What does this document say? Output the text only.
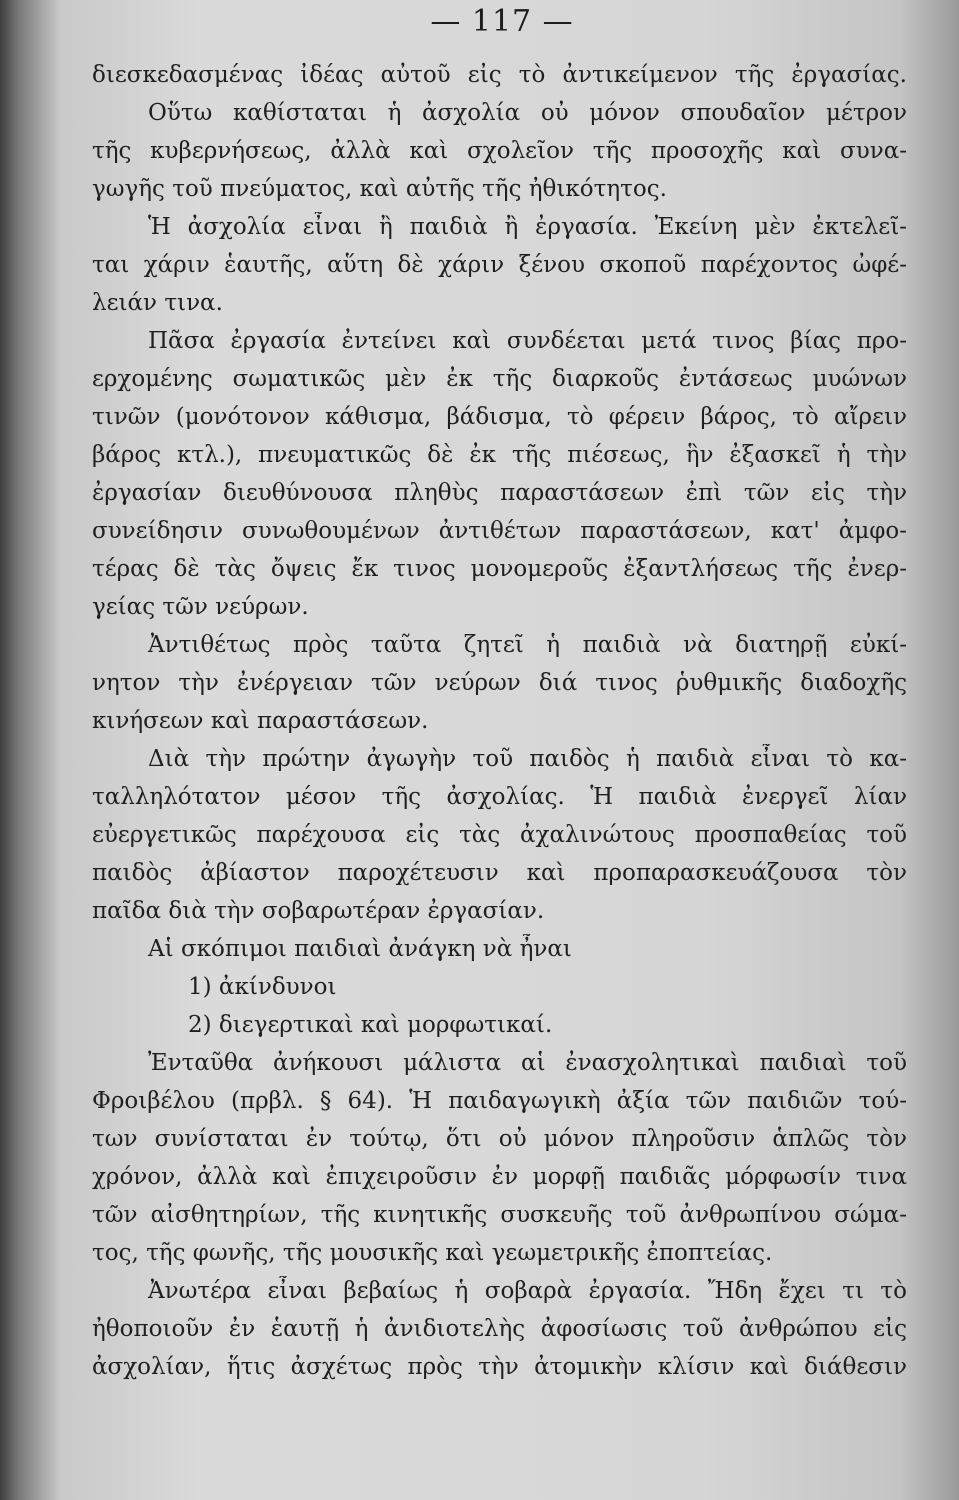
— 117 —
διεσκεδασμένας ἰδέας αὐτοῦ εἰς τὸ ἀντικείμενον τῆς ἐργασίας.
Οὕτω καθίσταται ἡ ἀσχολία οὐ μόνον σπουδαῖον μέτρον
τῆς κυβερνήσεως, ἀλλὰ καὶ σχολεῖον τῆς προσοχῆς καὶ συνα-
γωγῆς τοῦ πνεύματος, καὶ αὐτῆς τῆς ἠθικότητος.
Ἡ ἀσχολία εἶναι ἢ παιδιὰ ἢ ἐργασία. Ἐκείνη μὲν ἐκτελεῖ-
ται χάριν ἑαυτῆς, αὕτη δὲ χάριν ξένου σκοποῦ παρέχοντος ὠφέ-
λειάν τινα.
Πᾶσα ἐργασία ἐντείνει καὶ συνδέεται μετά τινος βίας προ-
ερχομένης σωματικῶς μὲν ἐκ τῆς διαρκοῦς ἐντάσεως μυώνων
τινῶν (μονότονον κάθισμα, βάδισμα, τὸ φέρειν βάρος, τὸ αἴρειν
βάρος κτλ.), πνευματικῶς δὲ ἐκ τῆς πιέσεως, ἣν ἐξασκεῖ ἡ τὴν
ἐργασίαν διευθύνουσα πληθὺς παραστάσεων ἐπὶ τῶν εἰς τὴν
συνείδησιν συνωθουμένων ἀντιθέτων παραστάσεων, κατ' ἀμφο-
τέρας δὲ τὰς ὄψεις ἔκ τινος μονομεροῦς ἐξαντλήσεως τῆς ἐνερ-
γείας τῶν νεύρων.
Ἀντιθέτως πρὸς ταῦτα ζητεῖ ἡ παιδιὰ νὰ διατηρῇ εὐκί-
νητον τὴν ἐνέργειαν τῶν νεύρων διά τινος ῥυθμικῆς διαδοχῆς
κινήσεων καὶ παραστάσεων.
Διὰ τὴν πρώτην ἀγωγὴν τοῦ παιδὸς ἡ παιδιὰ εἶναι τὸ κα-
ταλληλότατον μέσον τῆς ἀσχολίας. Ἡ παιδιὰ ἐνεργεῖ λίαν
εὐεργετικῶς παρέχουσα εἰς τὰς ἀχαλινώτους προσπαθείας τοῦ
παιδὸς ἀβίαστον παροχέτευσιν καὶ προπαρασκευάζουσα τὸν
παῖδα διὰ τὴν σοβαρωτέραν ἐργασίαν.
Αἱ σκόπιμοι παιδιαὶ ἀνάγκη νὰ ἦναι
1) ἀκίνδυνοι
2) διεγερτικαὶ καὶ μορφωτικαί.
Ἐνταῦθα ἀνήκουσι μάλιστα αἱ ἐνασχολητικαὶ παιδιαὶ τοῦ
Φροιβέλου (πρβλ. § 64). Ἡ παιδαγωγικὴ ἀξία τῶν παιδιῶν τού-
των συνίσταται ἐν τούτῳ, ὅτι οὐ μόνον πληροῦσιν ἁπλῶς τὸν
χρόνον, ἀλλὰ καὶ ἐπιχειροῦσιν ἐν μορφῇ παιδιᾶς μόρφωσίν τινα
τῶν αἰσθητηρίων, τῆς κινητικῆς συσκευῆς τοῦ ἀνθρωπίνου σώμα-
τος, τῆς φωνῆς, τῆς μουσικῆς καὶ γεωμετρικῆς ἐποπτείας.
Ἀνωτέρα εἶναι βεβαίως ἡ σοβαρὰ ἐργασία. Ἤδη ἔχει τι τὸ
ἠθοποιοῦν ἐν ἑαυτῇ ἡ ἀνιδιοτελὴς ἀφοσίωσις τοῦ ἀνθρώπου εἰς
ἀσχολίαν, ἥτις ἀσχέτως πρὸς τὴν ἀτομικὴν κλίσιν καὶ διάθεσιν
